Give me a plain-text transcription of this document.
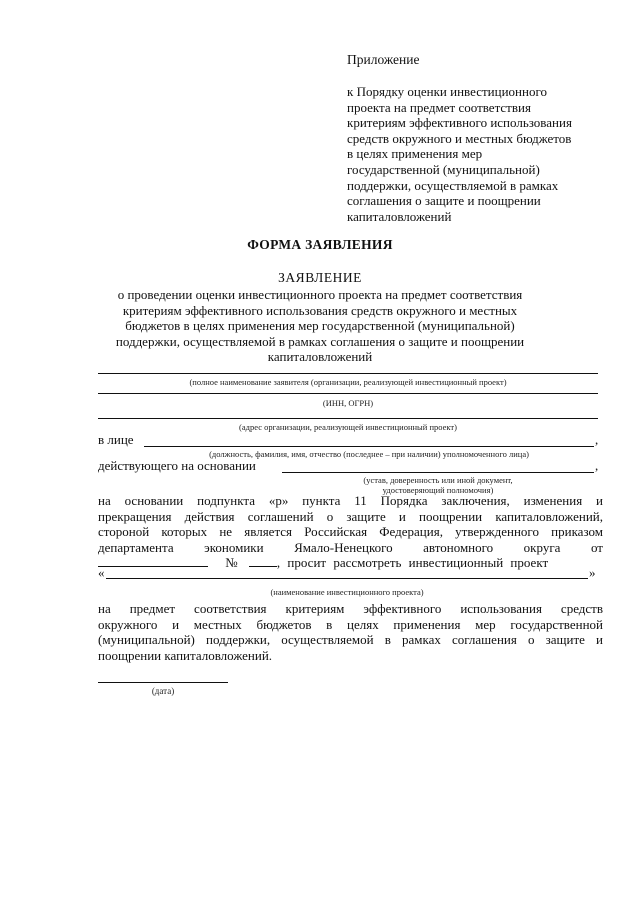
Приложение
к Порядку оценки инвестиционного
проекта на предмет соответствия
критериям эффективного использования
средств окружного и местных бюджетов
в целях применения мер
государственной (муниципальной)
поддержки, осуществляемой в рамках
соглашения о защите и поощрении
капиталовложений
ФОРМА ЗАЯВЛЕНИЯ
ЗАЯВЛЕНИЕ
о проведении оценки инвестиционного проекта на предмет соответствия
критериям эффективного использования средств окружного и местных
бюджетов в целях применения мер государственной (муниципальной)
поддержки, осуществляемой в рамках соглашения о защите и поощрении
капиталовложений
(полное наименование заявителя (организации, реализующей инвестиционный проект)
(ИНН, ОГРН)
(адрес организации, реализующей инвестиционный проект)
в лице	,
(должность, фамилия, имя, отчество (последнее – при наличии) уполномоченного лица)
действующего на основании	,
(устав, доверенность или иной документ,
удостоверяющий полномочия)
на основании подпункта «р» пункта 11 Порядка заключения, изменения и
прекращения действия соглашений о защите и поощрении капиталовложений,
стороной которых не является Российская Федерация, утвержденного приказом
департамента экономики Ямало-Ненецкого автономного округа от
№	, просит рассмотреть инвестиционный проект
«	»
(наименование инвестиционного проекта)
на предмет соответствия критериям эффективного использования средств
окружного и местных бюджетов в целях применения мер государственной
(муниципальной) поддержки, осуществляемой в рамках соглашения о защите и
поощрении капиталовложений.
(дата)
